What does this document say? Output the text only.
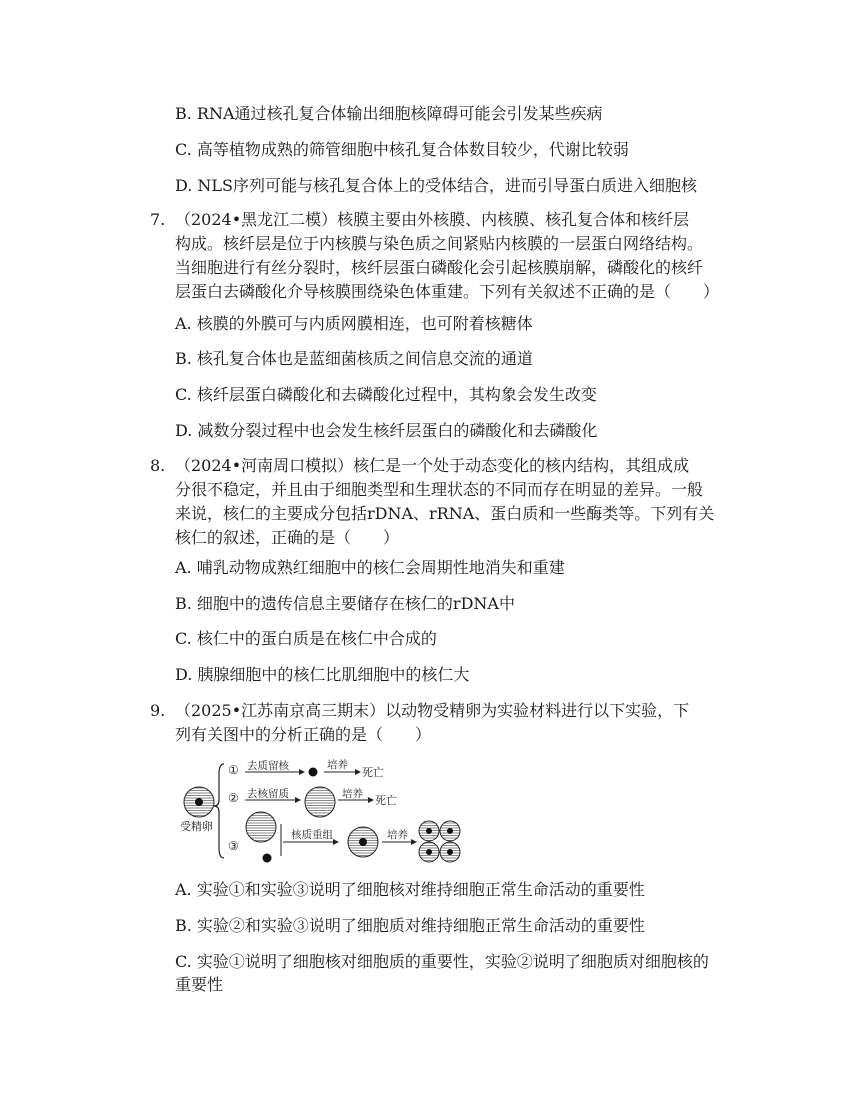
B. RNA通过核孔复合体输出细胞核障碍可能会引发某些疾病
C. 高等植物成熟的筛管细胞中核孔复合体数目较少，代谢比较弱
D. NLS序列可能与核孔复合体上的受体结合，进而引导蛋白质进入细胞核
7. （2024•黑龙江二模）核膜主要由外核膜、内核膜、核孔复合体和核纤层
构成。核纤层是位于内核膜与染色质之间紧贴内核膜的一层蛋白网络结构。
当细胞进行有丝分裂时，核纤层蛋白磷酸化会引起核膜崩解，磷酸化的核纤
层蛋白去磷酸化介导核膜围绕染色体重建。下列有关叙述不正确的是（　　）
A. 核膜的外膜可与内质网膜相连，也可附着核糖体
B. 核孔复合体也是蓝细菌核质之间信息交流的通道
C. 核纤层蛋白磷酸化和去磷酸化过程中，其构象会发生改变
D. 减数分裂过程中也会发生核纤层蛋白的磷酸化和去磷酸化
8. （2024•河南周口模拟）核仁是一个处于动态变化的核内结构，其组成成
分很不稳定，并且由于细胞类型和生理状态的不同而存在明显的差异。一般
来说，核仁的主要成分包括rDNA、rRNA、蛋白质和一些酶类等。下列有关
核仁的叙述，正确的是（　　）
A. 哺乳动物成熟红细胞中的核仁会周期性地消失和重建
B. 细胞中的遗传信息主要储存在核仁的rDNA中
C. 核仁中的蛋白质是在核仁中合成的
D. 胰腺细胞中的核仁比肌细胞中的核仁大
9. （2025•江苏南京高三期末）以动物受精卵为实验材料进行以下实验，下
列有关图中的分析正确的是（　　）
受精卵
① 去质留核	培养
死亡
② 去核留质	培养 死亡
③
核质重组	培养
A. 实验①和实验③说明了细胞核对维持细胞正常生命活动的重要性
B. 实验②和实验③说明了细胞质对维持细胞正常生命活动的重要性
C. 实验①说明了细胞核对细胞质的重要性，实验②说明了细胞质对细胞核的
重要性
